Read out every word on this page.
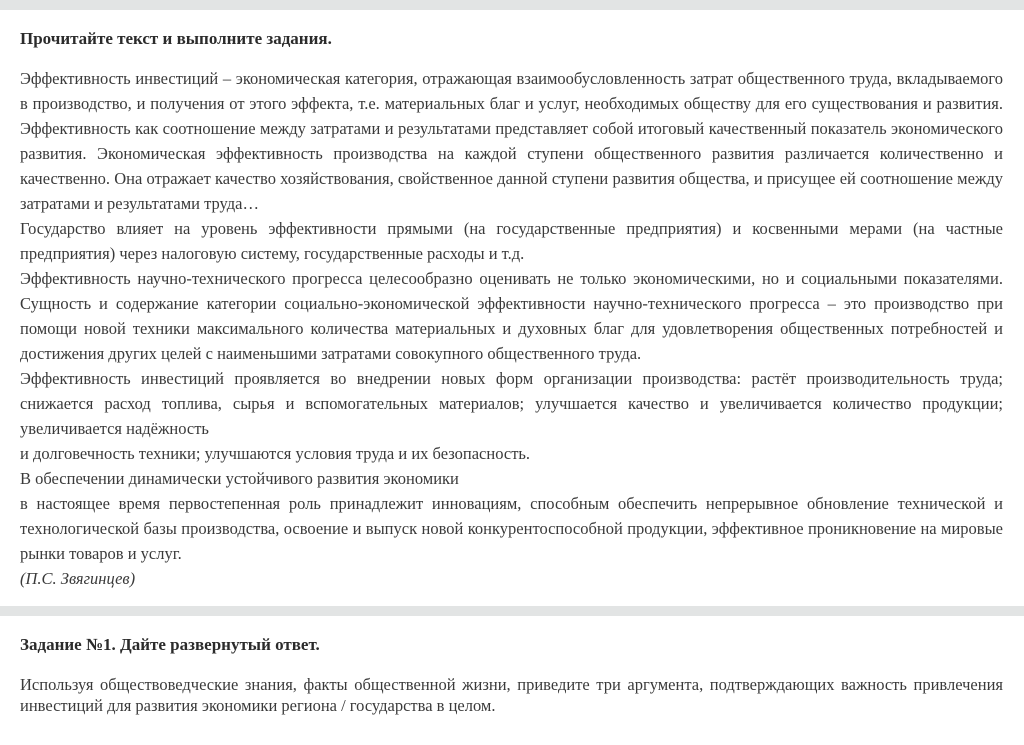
Прочитайте текст и выполните задания.

Эффективность инвестиций – экономическая категория, отражающая взаимообусловленность затрат общественного труда, вкладываемого в производство, и получения от этого эффекта, т.е. материальных благ и услуг, необходимых обществу для его существования и развития. Эффективность как соотношение между затратами и результатами представляет собой итоговый качественный показатель экономического развития. Экономическая эффективность производства на каждой ступени общественного развития различается количественно и качественно. Она отражает качество хозяйствования, свойственное данной ступени развития общества, и присущее ей соотношение между затратами и результатами труда…

Государство влияет на уровень эффективности прямыми (на государственные предприятия) и косвенными мерами (на частные предприятия) через налоговую систему, государственные расходы и т.д.

Эффективность научно-технического прогресса целесообразно оценивать не только экономическими, но и социальными показателями. Сущность и содержание категории социально-экономической эффективности научно-технического прогресса – это производство при помощи новой техники максимального количества материальных и духовных благ для удовлетворения общественных потребностей и достижения других целей с наименьшими затратами совокупного общественного труда.

Эффективность инвестиций проявляется во внедрении новых форм организации производства: растёт производительность труда; снижается расход топлива, сырья и вспомогательных материалов; улучшается качество и увеличивается количество продукции; увеличивается надёжность

и долговечность техники; улучшаются условия труда и их безопасность.

В обеспечении динамически устойчивого развития экономики

в настоящее время первостепенная роль принадлежит инновациям, способным обеспечить непрерывное обновление технической и технологической базы производства, освоение и выпуск новой конкурентоспособной продукции, эффективное проникновение на мировые рынки товаров и услуг.

(П.С. Звягинцев)

Задание №1. Дайте развернутый ответ.

Используя обществоведческие знания, факты общественной жизни, приведите три аргумента, подтверждающих важность привлечения инвестиций для развития экономики региона / государства в целом.
